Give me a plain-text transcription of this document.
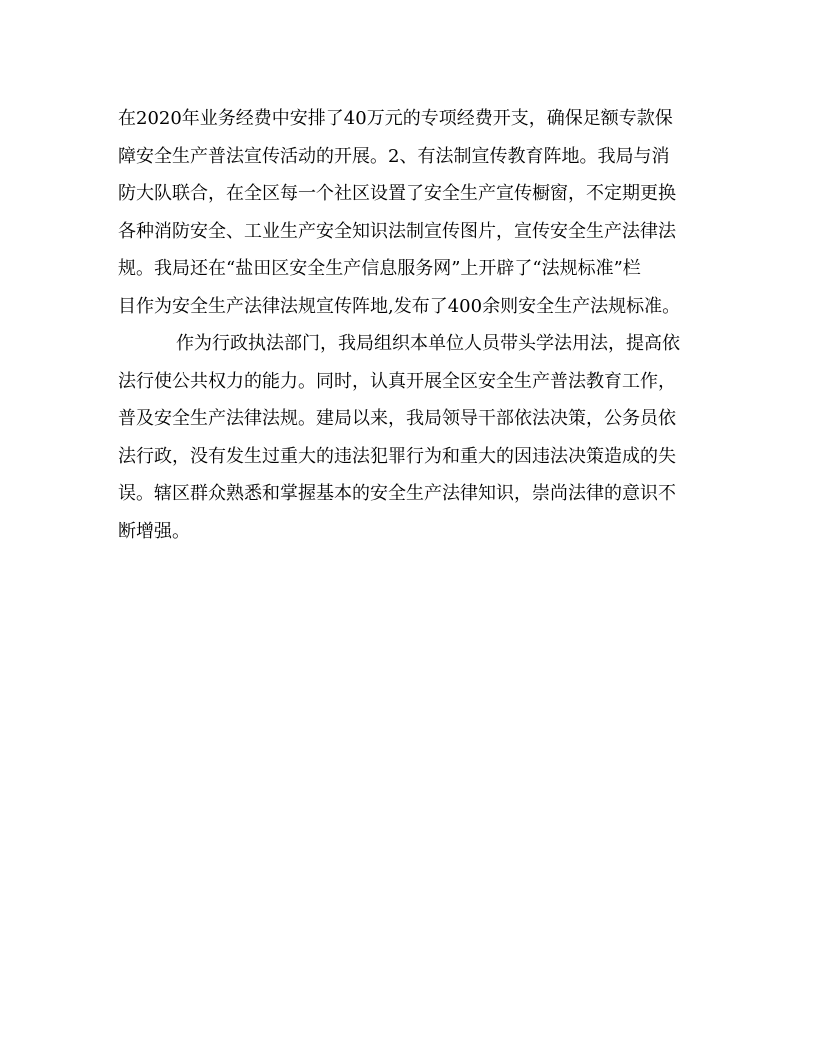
在2020年业务经费中安排了40万元的专项经费开支，确保足额专款保
障安全生产普法宣传活动的开展。2、有法制宣传教育阵地。我局与消
防大队联合，在全区每一个社区设置了安全生产宣传橱窗，不定期更换
各种消防安全、工业生产安全知识法制宣传图片，宣传安全生产法律法
规。我局还在“盐田区安全生产信息服务网”上开辟了“法规标准”栏
目作为安全生产法律法规宣传阵地,发布了400余则安全生产法规标准。
作为行政执法部门，我局组织本单位人员带头学法用法，提高依
法行使公共权力的能力。同时，认真开展全区安全生产普法教育工作，
普及安全生产法律法规。建局以来，我局领导干部依法决策，公务员依
法行政，没有发生过重大的违法犯罪行为和重大的因违法决策造成的失
误。辖区群众熟悉和掌握基本的安全生产法律知识，崇尚法律的意识不
断增强。
